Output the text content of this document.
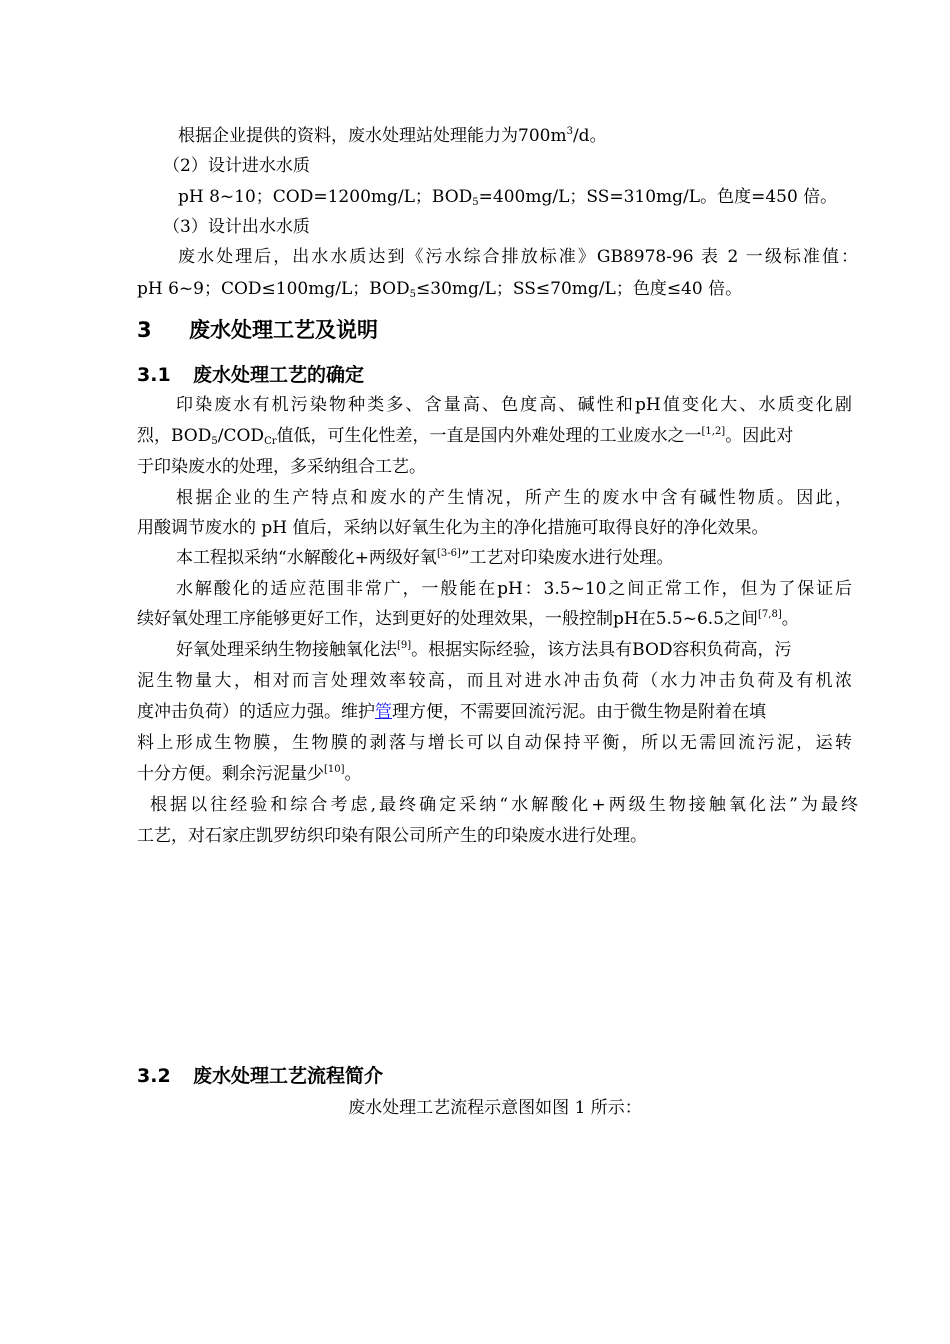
根据企业提供的资料，废水处理站处理能力为$700m^3/d$。
（2）设计进水水质
pH 8~10；COD=1200mg/L；$BOD_5=400mg/L$；SS=310mg/L。色度=450 倍。
（3）设计出水水质
废水处理后，出水水质达到《污水综合排放标准》GB8978-96 表 2 一级标准值：
pH 6~9；COD≤100mg/L；$BOD_5\le 30mg/L$；SS≤70mg/L；色度≤40 倍。
3 废水处理工艺及说明
3.1 废水处理工艺的确定
印染废水有机污染物种类多、含量高、色度高、碱性和pH值变化大、水质变化剧
烈，$BOD_5/COD_{Cr}$值低，可生化性差，一直是国内外难处理的工业废水之一[1,2]。因此对
于印染废水的处理，多采纳组合工艺。
根据企业的生产特点和废水的产生情况，所产生的废水中含有碱性物质。因此，
用酸调节废水的 pH 值后，采纳以好氧生化为主的净化措施可取得良好的净化效果。
本工程拟采纳“水解酸化+两级好氧[3-6]”工艺对印染废水进行处理。
水解酸化的适应范围非常广，一般能在pH：3.5~10之间正常工作，但为了保证后
续好氧处理工序能够更好工作，达到更好的处理效果，一般控制pH在5.5~6.5之间[7,8]。
好氧处理采纳生物接触氧化法[9]。根据实际经验，该方法具有BOD容积负荷高，污
泥生物量大，相对而言处理效率较高，而且对进水冲击负荷（水力冲击负荷及有机浓
度冲击负荷）的适应力强。维护管理方便，不需要回流污泥。由于微生物是附着在填
料上形成生物膜，生物膜的剥落与增长可以自动保持平衡，所以无需回流污泥，运转
十分方便。剩余污泥量少[10]。
根据以往经验和综合考虑,最终确定采纳“水解酸化+两级生物接触氧化法”为最终
工艺，对石家庄凯罗纺织印染有限公司所产生的印染废水进行处理。
3.2 废水处理工艺流程简介
废水处理工艺流程示意图如图 1 所示：
